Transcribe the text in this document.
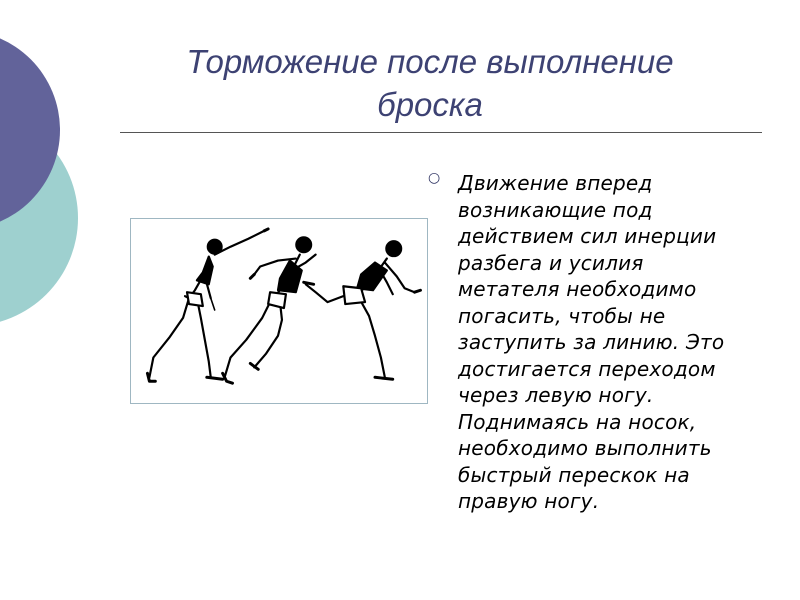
Торможение после выполнение
броска
○ Движение вперед
возникающие под
действием сил инерции
разбега и усилия
метателя необходимо
погасить, чтобы не
заступить за линию. Это
достигается переходом
через левую ногу.
Поднимаясь на носок,
необходимо выполнить
быстрый перескок на
правую ногу.
